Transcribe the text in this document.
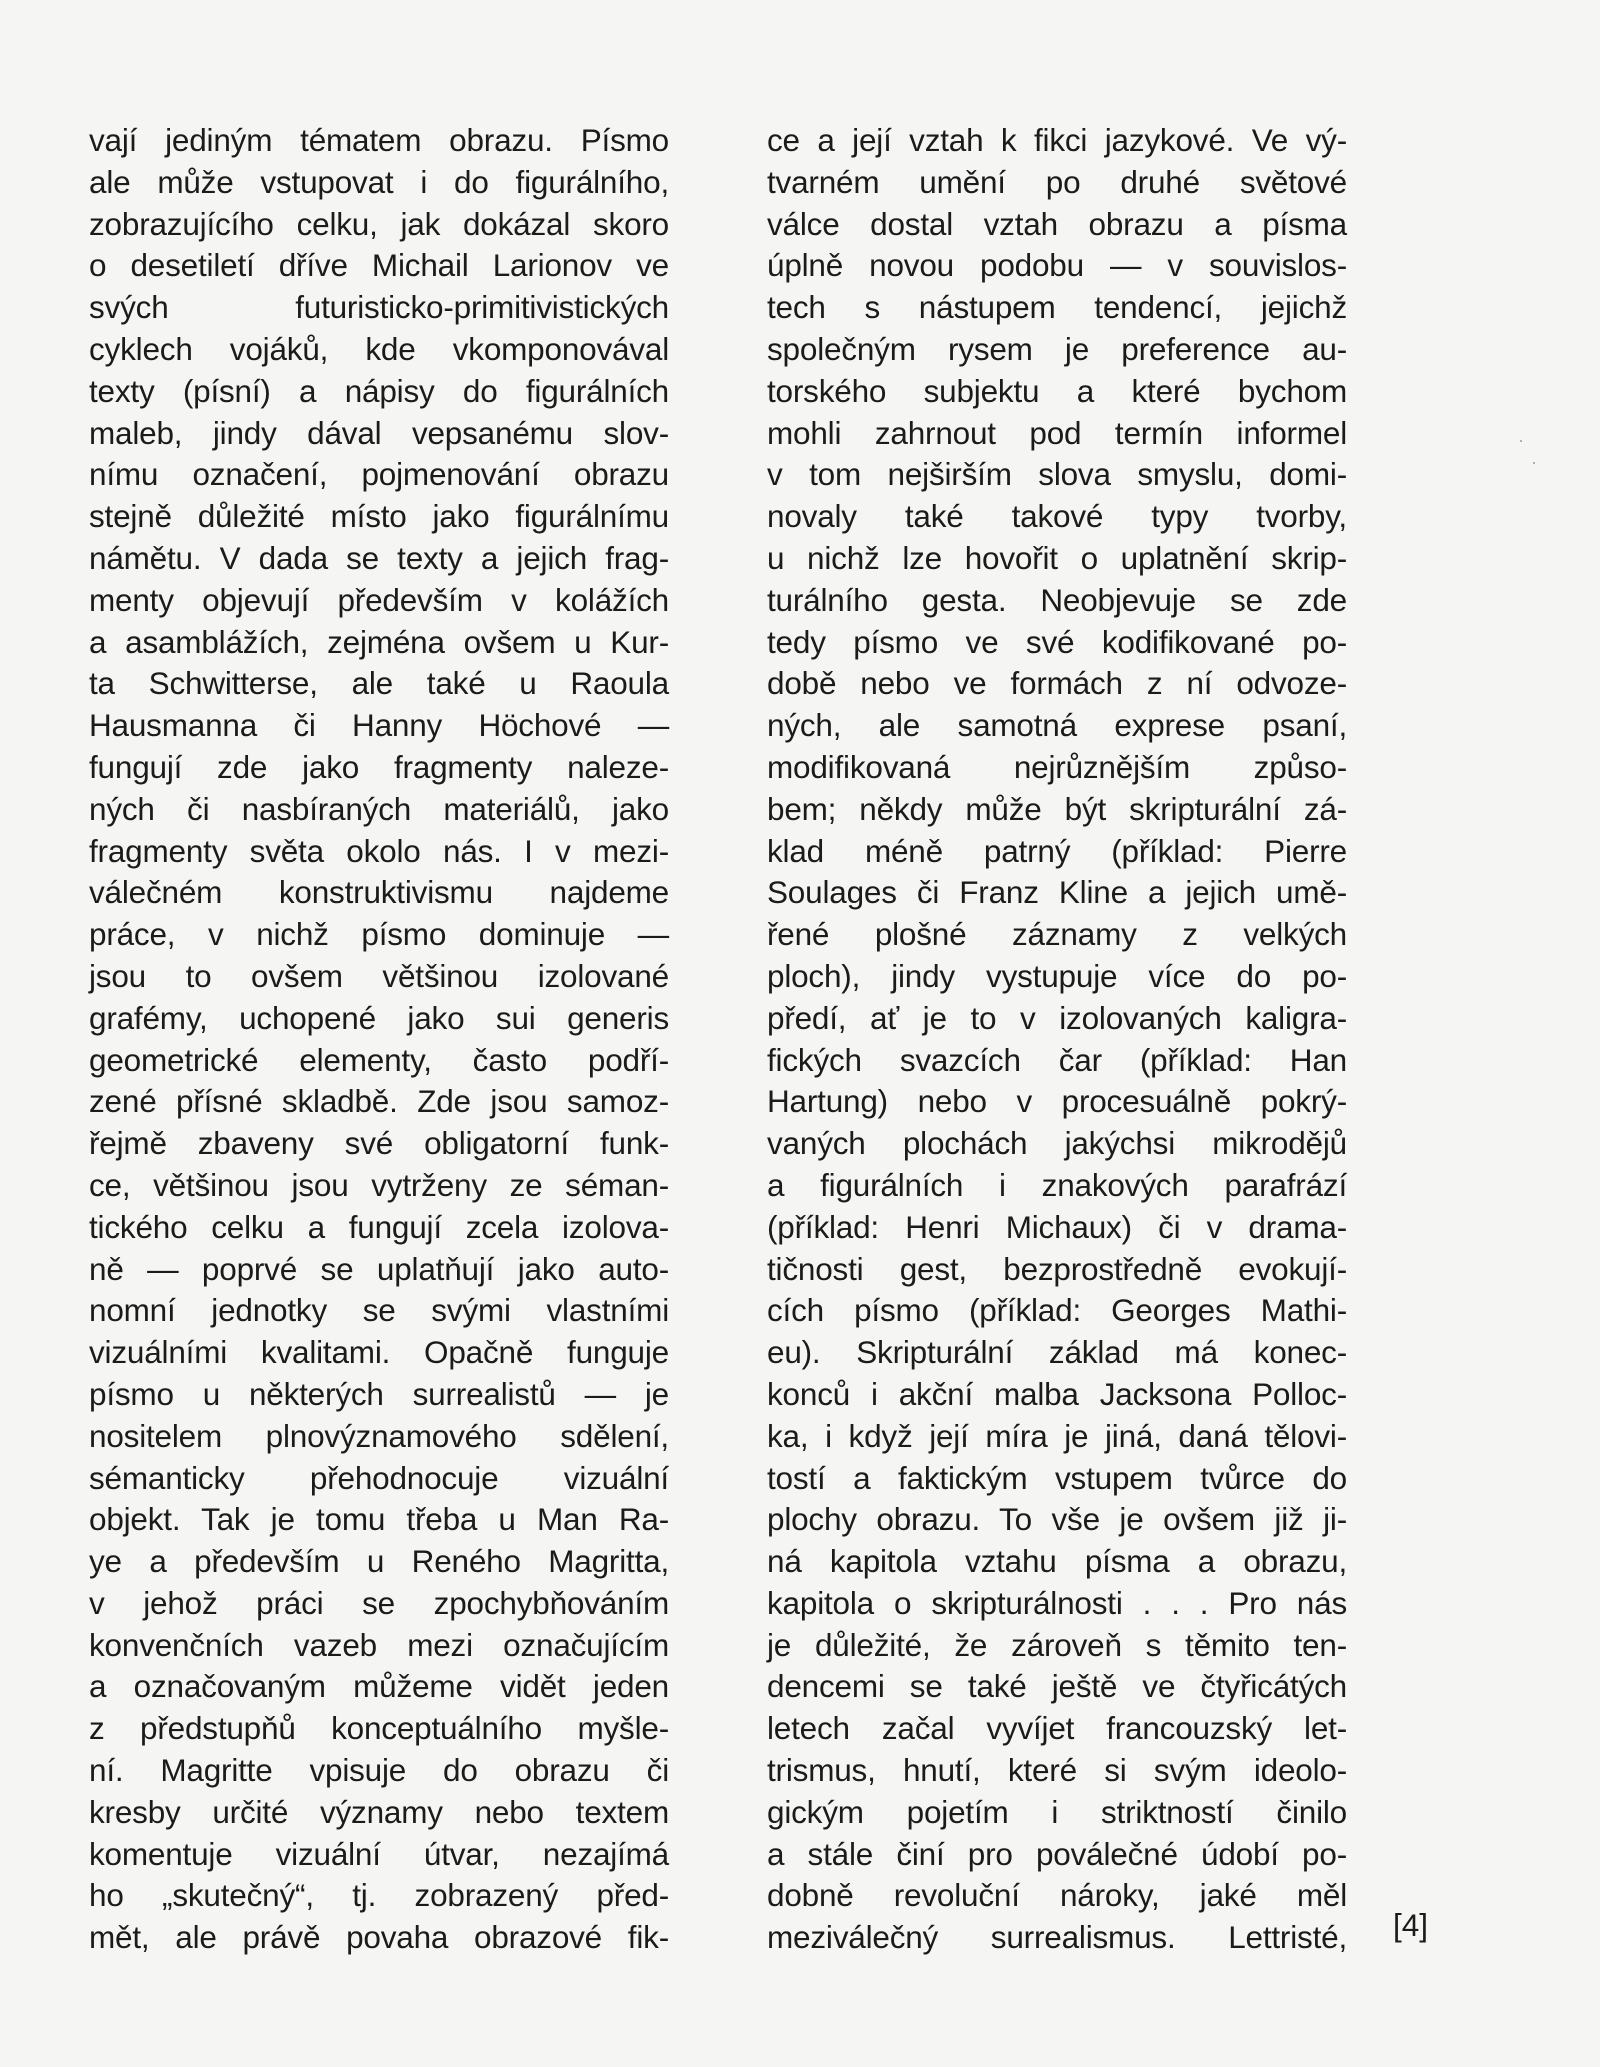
vají jediným tématem obrazu. Písmo
ale může vstupovat i do figurálního,
zobrazujícího celku, jak dokázal skoro
o desetiletí dříve Michail Larionov ve
svých futuristicko-primitivistických
cyklech vojáků, kde vkomponovával
texty (písní) a nápisy do figurálních
maleb, jindy dával vepsanému slov-
nímu označení, pojmenování obrazu
stejně důležité místo jako figurálnímu
námětu. V dada se texty a jejich frag-
menty objevují především v kolážích
a asamblážích, zejména ovšem u Kur-
ta Schwitterse, ale také u Raoula
Hausmanna či Hanny Höchové —
fungují zde jako fragmenty naleze-
ných či nasbíraných materiálů, jako
fragmenty světa okolo nás. I v mezi-
válečném konstruktivismu najdeme
práce, v nichž písmo dominuje —
jsou to ovšem většinou izolované
grafémy, uchopené jako sui generis
geometrické elementy, často podří-
zené přísné skladbě. Zde jsou samoz-
řejmě zbaveny své obligatorní funk-
ce, většinou jsou vytrženy ze séman-
tického celku a fungují zcela izolova-
ně — poprvé se uplatňují jako auto-
nomní jednotky se svými vlastními
vizuálními kvalitami. Opačně funguje
písmo u některých surrealistů — je
nositelem plnovýznamového sdělení,
sémanticky přehodnocuje vizuální
objekt. Tak je tomu třeba u Man Ra-
ye a především u Reného Magritta,
v jehož práci se zpochybňováním
konvenčních vazeb mezi označujícím
a označovaným můžeme vidět jeden
z předstupňů konceptuálního myšle-
ní. Magritte vpisuje do obrazu či
kresby určité významy nebo textem
komentuje vizuální útvar, nezajímá
ho „skutečný“, tj. zobrazený před-
mět, ale právě povaha obrazové fik-
ce a její vztah k fikci jazykové. Ve vý-
tvarném umění po druhé světové
válce dostal vztah obrazu a písma
úplně novou podobu — v souvislos-
tech s nástupem tendencí, jejichž
společným rysem je preference au-
torského subjektu a které bychom
mohli zahrnout pod termín informel
v tom nejširším slova smyslu, domi-
novaly také takové typy tvorby,
u nichž lze hovořit o uplatnění skrip-
turálního gesta. Neobjevuje se zde
tedy písmo ve své kodifikované po-
době nebo ve formách z ní odvoze-
ných, ale samotná exprese psaní,
modifikovaná nejrůznějším způso-
bem; někdy může být skripturální zá-
klad méně patrný (příklad: Pierre
Soulages či Franz Kline a jejich umě-
řené plošné záznamy z velkých
ploch), jindy vystupuje více do po-
předí, ať je to v izolovaných kaligra-
fických svazcích čar (příklad: Han
Hartung) nebo v procesuálně pokrý-
vaných plochách jakýchsi mikrodějů
a figurálních i znakových parafrází
(příklad: Henri Michaux) či v drama-
tičnosti gest, bezprostředně evokují-
cích písmo (příklad: Georges Mathi-
eu). Skripturální základ má konec-
konců i akční malba Jacksona Polloc-
ka, i když její míra je jiná, daná tělovi-
tostí a faktickým vstupem tvůrce do
plochy obrazu. To vše je ovšem již ji-
ná kapitola vztahu písma a obrazu,
kapitola o skripturálnosti . . . Pro nás
je důležité, že zároveň s těmito ten-
dencemi se také ještě ve čtyřicátých
letech začal vyvíjet francouzský let-
trismus, hnutí, které si svým ideolo-
gickým pojetím i striktností činilo
a stále činí pro poválečné údobí po-
dobně revoluční nároky, jaké měl
meziválečný surrealismus. Lettristé, [4]
